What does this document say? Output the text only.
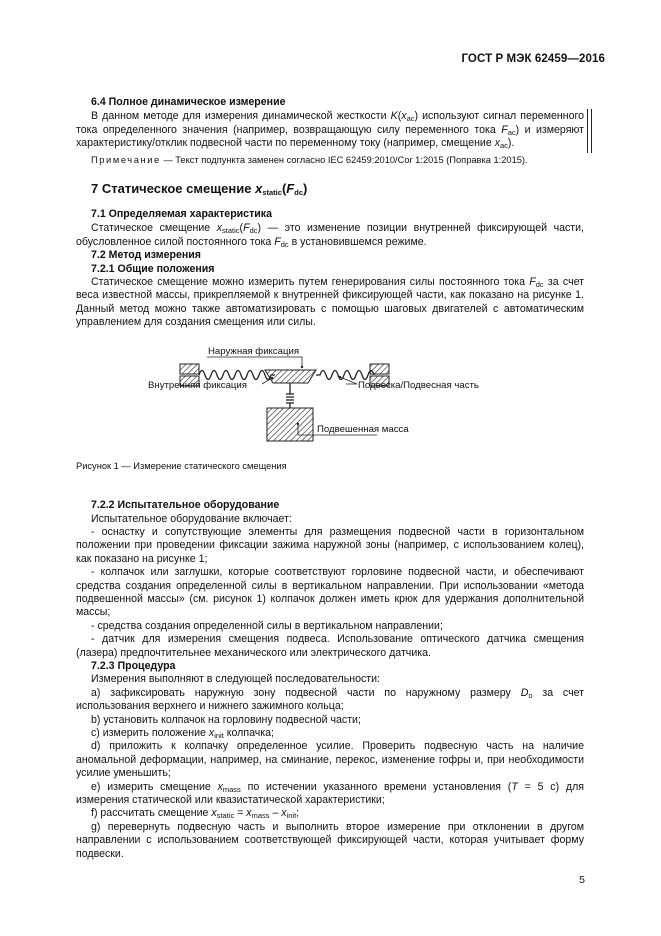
ГОСТ Р МЭК 62459—2016

6.4 Полное динамическое измерение

В данном методе для измерения динамической жесткости $K(x_{ac})$ используют сигнал переменного тока определенного значения (например, возвращающую силу переменного тока $F_{ac}$) и измеряют характеристику/отклик подвесной части по переменному току (например, смещение $x_{ac}$).

Примечание — Текст подпункта заменен согласно IEC 62459:2010/Cor 1:2015 (Поправка 1:2015).

7 Статическое смещение $x_{static}(F_{dc})$

7.1 Определяемая характеристика

Статическое смещение $x_{static}(F_{dc})$ — это изменение позиции внутренней фиксирующей части, обусловленное силой постоянного тока $F_{dc}$ в установившемся режиме.

7.2 Метод измерения

7.2.1 Общие положения

Статическое смещение можно измерить путем генерирования силы постоянного тока $F_{dc}$ за счет веса известной массы, прикрепляемой к внутренней фиксирующей части, как показано на рисунке 1. Данный метод можно также автоматизировать с помощью шаговых двигателей с автоматическим управлением для создания смещения или силы.

Наружная фиксация
Внутренняя фиксация	Подвеска/Подвесная часть
Подвешенная масса

Рисунок 1 — Измерение статического смещения

7.2.2 Испытательное оборудование

Испытательное оборудование включает:

- оснастку и сопутствующие элементы для размещения подвесной части в горизонтальном положении при проведении фиксации зажима наружной зоны (например, с использованием колец), как показано на рисунке 1;

- колпачок или заглушки, которые соответствуют горловине подвесной части, и обеспечивают средства создания определенной силы в вертикальном направлении. При использовании «метода подвешенной массы» (см. рисунок 1) колпачок должен иметь крюк для удержания дополнительной массы;

- средства создания определенной силы в вертикальном направлении;

- датчик для измерения смещения подвеса. Использование оптического датчика смещения (лазера) предпочтительнее механического или электрического датчика.

7.2.3 Процедура

Измерения выполняют в следующей последовательности:

a) зафиксировать наружную зону подвесной части по наружному размеру $D_o$ за счет использования верхнего и нижнего зажимного кольца;

b) установить колпачок на горловину подвесной части;

c) измерить положение $x_{init}$ колпачка;

d) приложить к колпачку определенное усилие. Проверить подвесную часть на наличие аномальной деформации, например, на сминание, перекос, изменение гофры и, при необходимости усилие уменьшить;

e) измерить смещение $x_{mass}$ по истечении указанного времени установления (T = 5 с) для измерения статической или квазистатической характеристики;

f) рассчитать смещение $x_{static} = x_{mass} - x_{init}$;

g) перевернуть подвесную часть и выполнить второе измерение при отклонении в другом направлении с использованием соответствующей фиксирующей части, которая учитывает форму подвески.

5
